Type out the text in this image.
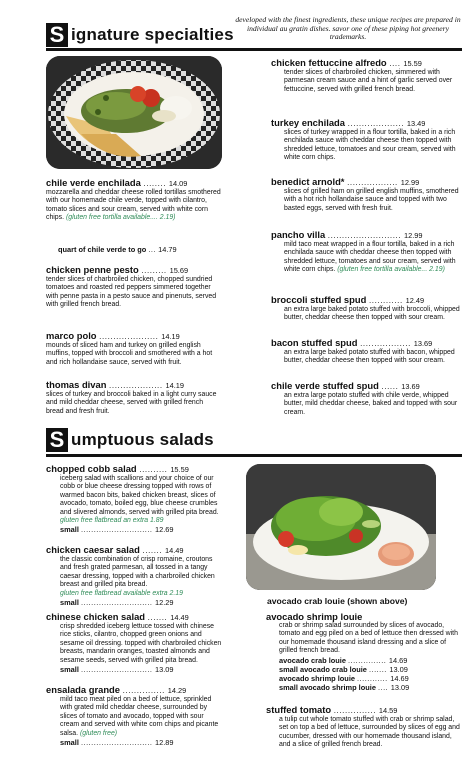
S ignature specialties
developed with the finest ingredients, these unique recipes are prepared in individual au gratin dishes. savor one of these piping hot greenery trademarks.
chile verde enchilada ........ 14.09
mozzarella and cheddar cheese rolled tortillas smothered with our homemade chile verde, topped with cilantro, tomato slices and sour cream, served with white corn chips. (gluten free tortilla available.... 2.19)
quart of chile verde to go ... 14.79
chicken penne pesto ......... 15.69
tender slices of charbroiled chicken, chopped sundried tomatoes and roasted red peppers simmered together with penne pasta in a pesto sauce and pinenuts, served with grilled french bread.
marco polo ..................... 14.19
mounds of sliced ham and turkey on grilled english muffins, topped with broccoli and smothered with a hot and rich hollandaise sauce, served with fruit.
thomas divan ................... 14.19
slices of turkey and broccoli baked in a light curry sauce and mild cheddar cheese, served with grilled french bread and fresh fruit.
chicken fettuccine alfredo .... 15.59
tender slices of charbroiled chicken, simmered with parmesan cream sauce and a hint of garlic served over fettuccine, served with grilled french bread.
turkey enchilada .................... 13.49
slices of turkey wrapped in a flour tortilla, baked in a rich enchilada sauce with cheddar cheese then topped with shredded lettuce, tomatoes and sour cream, served with white corn chips.
benedict arnold* .................. 12.99
slices of grilled ham on grilled english muffins, smothered with a hot rich hollandaise sauce and topped with two basted eggs, served with fresh fruit.
pancho villa .......................... 12.99
mild taco meat wrapped in a flour tortilla, baked in a rich enchilada sauce with cheddar cheese then topped with shredded lettuce, tomatoes and sour cream, served with white corn chips. (gluten free tortilla available... 2.19)
broccoli stuffed spud ............ 12.49
an extra large baked potato stuffed with broccoli, whipped butter, cheddar cheese then topped with sour cream.
bacon stuffed spud .................. 13.69
an extra large baked potato stuffed with bacon, whipped butter, cheddar cheese then topped with sour cream.
chile verde stuffed spud ...... 13.69
an extra large potato stuffed with chile verde, whipped butter, mild cheddar cheese, baked and topped with sour cream.
S umptuous salads
chopped cobb salad .......... 15.59
iceberg salad with scallions and your choice of our cobb or blue cheese dressing topped with rows of warmed bacon bits, baked chicken breast, slices of avocado, tomato, boiled egg, blue cheese crumbles and slivered almonds, served with grilled pita bread.
gluten free flatbread an extra 1.89
small ............................ 12.69
chicken caesar salad ....... 14.49
the classic combination of crisp romaine, croutons and fresh grated parmesan, all tossed in a tangy caesar dressing, topped with a charbroiled chicken breast and grilled pita bread.
gluten free flatbread available extra 2.19
small ............................ 12.29
chinese chicken salad ....... 14.49
crisp shredded iceberg lettuce tossed with chinese rice sticks, cilantro, chopped green onions and sesame oil dressing. topped with charbroiled chicken breasts, mandarin oranges, toasted almonds and sesame seeds, served with grilled pita bread.
small ............................ 13.09
ensalada grande ............... 14.29
mild taco meat piled on a bed of lettuce, sprinkled with grated mild cheddar cheese, surrounded by slices of tomato and avocado, topped with sour cream and served with white corn chips and picante salsa. (gluten free)
small ............................ 12.89
avocado crab louie (shown above)
avocado shrimp louie
crab or shrimp salad surrounded by slices of avocado, tomato and egg piled on a bed of lettuce then dressed with our homemade thousand island dressing and a slice of grilled french bread.
avocado crab louie ............... 14.69
small avocado crab louie ....... 13.09
avocado shrimp louie ............ 14.69
small avocado shrimp louie .... 13.09
stuffed tomato ............... 14.59
a tulip cut whole tomato stuffed with crab or shrimp salad, set on top a bed of lettuce, surrounded by slices of egg and cucumber, dressed with our homemade thousand island, and a slice of grilled french bread.
